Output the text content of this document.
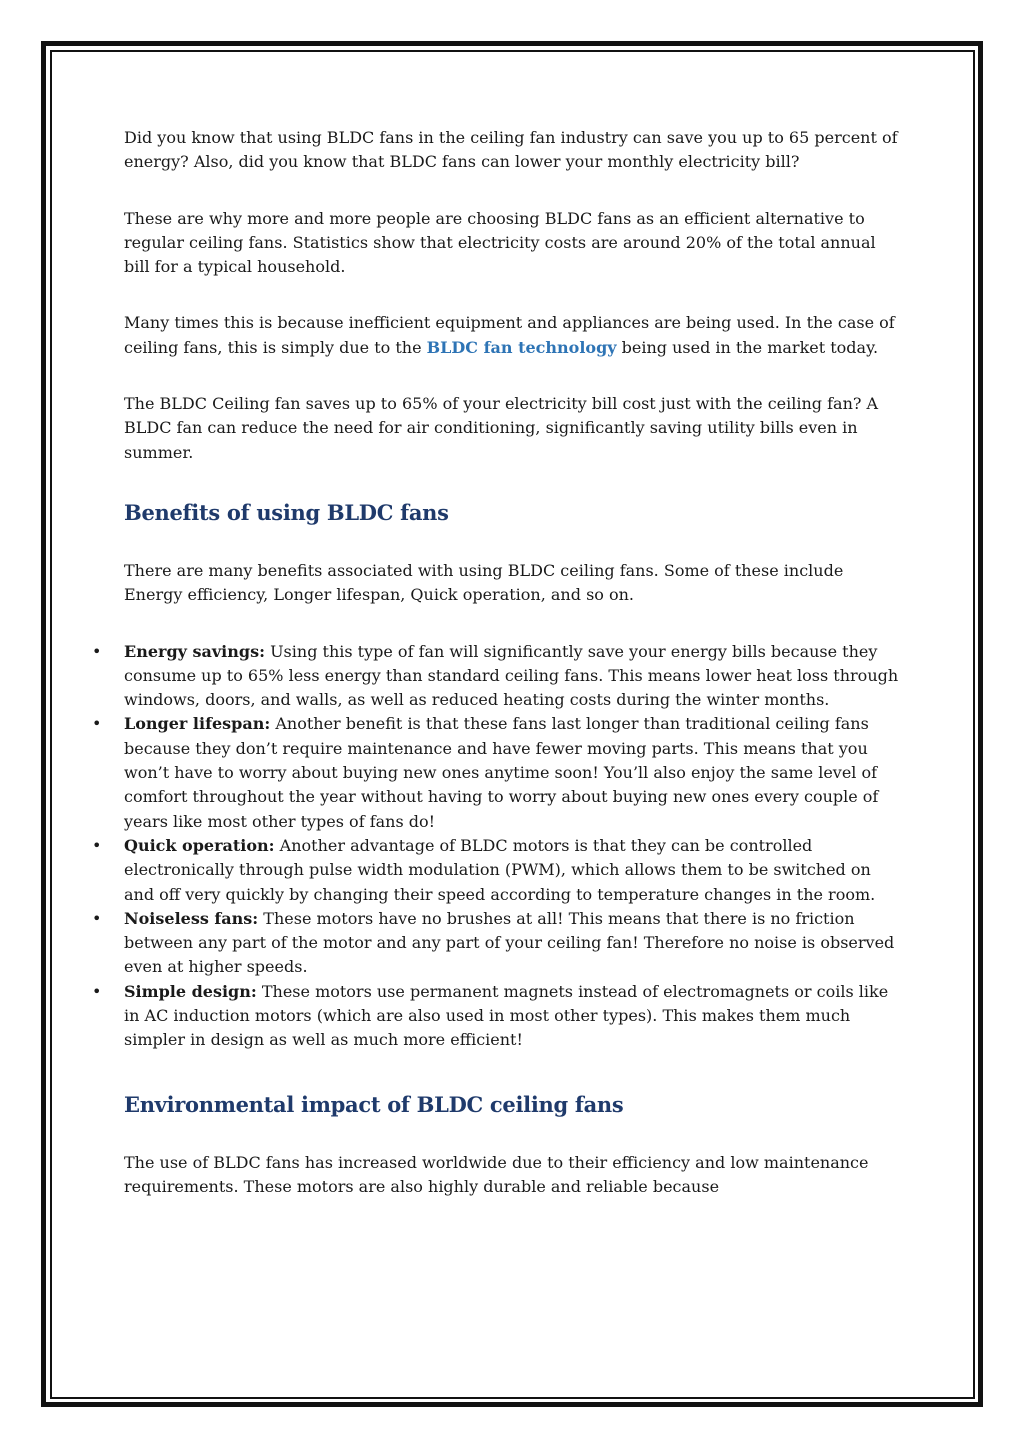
Did you know that using BLDC fans in the ceiling fan industry can save you up to 65 percent of energy? Also, did you know that BLDC fans can lower your monthly electricity bill?

These are why more and more people are choosing BLDC fans as an efficient alternative to regular ceiling fans. Statistics show that electricity costs are around 20% of the total annual bill for a typical household.

Many times this is because inefficient equipment and appliances are being used. In the case of ceiling fans, this is simply due to the BLDC fan technology being used in the market today.

The BLDC Ceiling fan saves up to 65% of your electricity bill cost just with the ceiling fan? A BLDC fan can reduce the need for air conditioning, significantly saving utility bills even in summer.

Benefits of using BLDC fans

There are many benefits associated with using BLDC ceiling fans. Some of these include Energy efficiency, Longer lifespan, Quick operation, and so on.

• Energy savings: Using this type of fan will significantly save your energy bills because they consume up to 65% less energy than standard ceiling fans. This means lower heat loss through windows, doors, and walls, as well as reduced heating costs during the winter months.
• Longer lifespan: Another benefit is that these fans last longer than traditional ceiling fans because they don’t require maintenance and have fewer moving parts. This means that you won’t have to worry about buying new ones anytime soon! You’ll also enjoy the same level of comfort throughout the year without having to worry about buying new ones every couple of years like most other types of fans do!
• Quick operation: Another advantage of BLDC motors is that they can be controlled electronically through pulse width modulation (PWM), which allows them to be switched on and off very quickly by changing their speed according to temperature changes in the room.
• Noiseless fans: These motors have no brushes at all! This means that there is no friction between any part of the motor and any part of your ceiling fan! Therefore no noise is observed even at higher speeds.
• Simple design: These motors use permanent magnets instead of electromagnets or coils like in AC induction motors (which are also used in most other types). This makes them much simpler in design as well as much more efficient!
Environmental impact of BLDC ceiling fans

The use of BLDC fans has increased worldwide due to their efficiency and low maintenance requirements. These motors are also highly durable and reliable because
